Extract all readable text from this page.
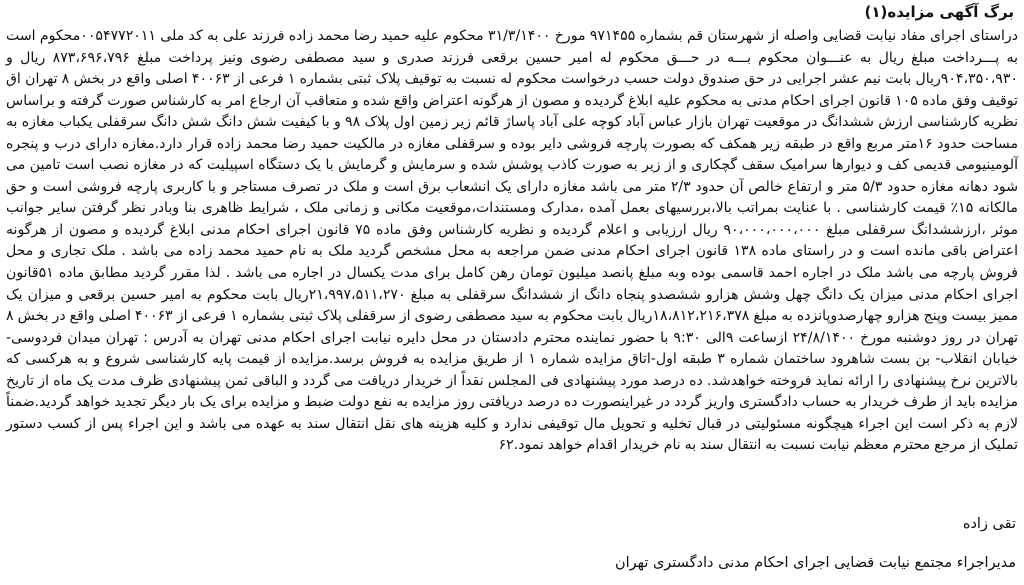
برگ آگهی مزایده(۱)

دراستای اجرای مفاد نیابت قضایی واصله از شهرستان قم بشماره ۹۷۱۴۵۵ مورخ ۳۱/۳/۱۴۰۰ محکوم علیه حمید رضا محمد زاده فرزند علی به کد ملی ۰۰۵۴۷۷۲۰۱۱محکوم است به پـــرداخت مبلغ ریال به عنـــوان محکوم بـــه در حـــق محکوم له امیر حسین برقعی فرزند صدری و سید مصطفی رضوی ونیز پرداخت مبلغ ۸۷۳،۶۹۶،۷۹۶ ریال و ۹۰۴،۳۵۰،۹۳۰ریال بابت نیم عشر اجرایی در حق صندوق دولت حسب درخواست محکوم له نسبت به توقیف پلاک ثبتی بشماره ۱ فرعی از ۴۰۰۶۳ اصلی واقع در بخش ۸ تهران اق توقیف وفق ماده ۱۰۵ قانون اجرای احکام مدنی به محکوم علیه ابلاغ گردیده و مصون از هرگونه اعتراض واقع شده و متعاقب آن ارجاع امر به کارشناس صورت گرفته و براساس نظریه کارشناسی ارزش ششدانگ در موقعیت تهران بازار عباس آباد کوچه علی آباد پاساژ قائم زیر زمین اول پلاک ۹۸ و با کیفیت شش دانگ شش دانگ سرقفلی یکباب مغازه به مساحت حدود ۱۶متر مربع واقع در طبقه زیر همکف که بصورت پارچه فروشی دایر بوده و سرقفلی مغازه در مالکیت حمید رضا محمد زاده قرار دارد.مغازه دارای درب و پنجره آلومینیومی قدیمی کف و دیوارها سرامیک سقف گچکاری و از زیر به صورت کاذب پوشش شده و سرمایش و گرمایش با یک دستگاه اسپیلیت که در مغازه نصب است تامین می شود دهانه مغازه حدود ۵/۳ متر و ارتفاع خالص آن حدود ۲/۳ متر می باشد مغازه دارای یک انشعاب برق است و ملک در تصرف مستاجر و با کاربری پارچه فروشی است و حق مالکانه ۱۵٪ قیمت کارشناسی . با عنایت بمراتب بالا،بررسیهای بعمل آمده ،مدارک ومستندات،موقعیت مکانی و زمانی ملک ، شرایط ظاهری بنا وبادر نظر گرفتن سایر جوانب موثر ،ارزششدانگ سرقفلی مبلغ ۹۰،۰۰۰،۰۰۰،۰۰۰ ریال ارزیابی و اعلام گردیده و نظریه کارشناس وفق ماده ۷۵ قانون اجرای احکام مدنی ابلاغ گردیده و مصون از هرگونه اعتراض باقی مانده است و در راستای ماده ۱۳۸ قانون اجرای احکام مدنی ضمن مراجعه به محل مشخص گردید ملک به نام حمید محمد زاده می باشد . ملک تجاری و محل فروش پارچه می باشد ملک در اجاره احمد قاسمی بوده وبه مبلغ پانصد میلیون تومان رهن کامل برای مدت یکسال در اجاره می باشد . لذا مقرر گردید مطابق ماده ۵۱قانون اجرای احکام مدنی میزان یک دانگ چهل وشش هزارو ششصدو پنجاه دانگ از ششدانگ سرقفلی به مبلغ ۲۱،۹۹۷،۵۱۱،۲۷۰ریال بابت محکوم به امیر حسین برقعی و میزان یک ممیز بیست وپنج هزارو چهارصدوپانزده به مبلغ ۱۸،۸۱۲،۲۱۶،۳۷۸ریال بابت محکوم به سید مصطفی رضوی از سرقفلی پلاک ثبتی بشماره ۱ فرعی از ۴۰۰۶۳ اصلی واقع در بخش ۸ تهران در روز دوشنبه مورخ ۲۴/۸/۱۴۰۰ ازساعت ۹الی ۹:۳۰ با حضور نماینده محترم دادستان در محل دایره نیابت اجرای احکام مدنی تهران به آدرس : تهران میدان فردوسی- خیابان انقلاب- بن بست شاهرود ساختمان شماره ۳ طبقه اول-اتاق مزایده شماره ۱ از طریق مزایده به فروش برسد.مزایده از قیمت پایه کارشناسی شروع و به هرکسی که بالاترین نرخ پیشنهادی را ارائه نماید فروخته خواهدشد. ده درصد مورد پیشنهادی فی المجلس نقداً از خریدار دریافت می گردد و الباقی ثمن پیشنهادی ظرف مدت یک ماه از تاریخ مزایده باید از طرف خریدار به حساب دادگستری واریز گردد در غیراینصورت ده درصد دریافتی روز مزایده به نفع دولت ضبط و مزایده برای یک بار دیگر تجدید خواهد گردید.ضمناً لازم به ذکر است این اجراء هیچگونه مسئولیتی در قبال تخلیه و تحویل مال توقیفی ندارد و کلیه هزینه های نقل انتقال سند به عهده می باشد و این اجراء پس از کسب دستور تملیک از مرجع محترم معظم نیابت نسبت به انتقال سند به نام خریدار اقدام خواهد نمود.۶۲

تقی زاده
مدیراجراء مجتمع نیابت قضایی اجرای احکام مدنی دادگستری تهران
